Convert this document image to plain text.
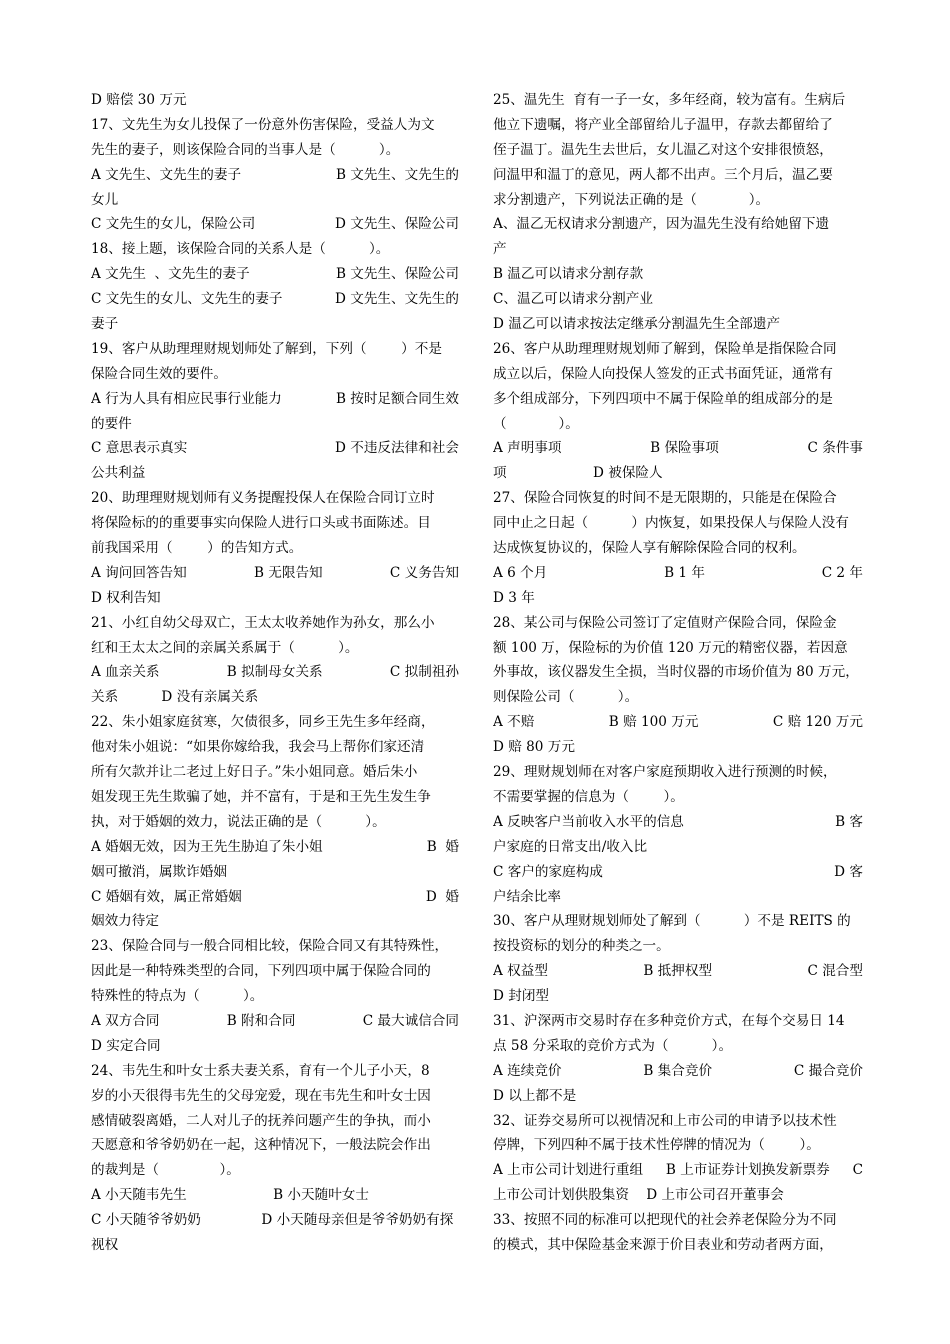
D 赔偿 30 万元
17、文先生为女儿投保了一份意外伤害保险，受益人为文
先生的妻子，则该保险合同的当事人是（          ）。
A 文先生、文先生的妻子	B 文先生、文先生的
女儿
C 文先生的女儿，保险公司	D 文先生、保险公司
18、接上题，该保险合同的关系人是（          ）。
A 文先生  、文先生的妻子	B 文先生、保险公司
C 文先生的女儿、文先生的妻子	D 文先生、文先生的
妻子
19、客户从助理理财规划师处了解到，下列（        ）不是
保险合同生效的要件。
A 行为人具有相应民事行业能力	B 按时足额合同生效
的要件
C 意思表示真实	D 不违反法律和社会
公共利益
20、助理理财规划师有义务提醒投保人在保险合同订立时
将保险标的的重要事实向保险人进行口头或书面陈述。目
前我国采用（        ）的告知方式。
A 询问回答告知	B 无限告知	C 义务告知
D 权利告知
21、小红自幼父母双亡，王太太收养她作为孙女，那么小
红和王太太之间的亲属关系属于（          ）。
A 血亲关系	B 拟制母女关系	C 拟制祖孙
关系          D 没有亲属关系
22、朱小姐家庭贫寒，欠债很多，同乡王先生多年经商，
他对朱小姐说：“如果你嫁给我，我会马上帮你们家还清
所有欠款并让二老过上好日子。”朱小姐同意。婚后朱小
姐发现王先生欺骗了她，并不富有，于是和王先生发生争
执，对于婚姻的效力，说法正确的是（          ）。
A 婚姻无效，因为王先生胁迫了朱小姐	B  婚
姻可撤消，属欺诈婚姻
C 婚姻有效，属正常婚姻	D  婚
姻效力待定
23、保险合同与一般合同相比较，保险合同又有其特殊性，
因此是一种特殊类型的合同，下列四项中属于保险合同的
特殊性的特点为（          ）。
A 双方合同	B 附和合同	C 最大诚信合同
D 实定合同
24、韦先生和叶女士系夫妻关系，育有一个儿子小天，8
岁的小天很得韦先生的父母宠爱，现在韦先生和叶女士因
感情破裂离婚，二人对儿子的抚养问题产生的争执，而小
天愿意和爷爷奶奶在一起，这种情况下，一般法院会作出
的裁判是（              ）。
A 小天随韦先生                    B 小天随叶女士
C 小天随爷爷奶奶              D 小天随母亲但是爷爷奶奶有探
视权
25、温先生  育有一子一女，多年经商，较为富有。生病后
他立下遗嘱，将产业全部留给儿子温甲，存款去都留给了
侄子温丁。温先生去世后，女儿温乙对这个安排很愤怒，
问温甲和温丁的意见，两人都不出声。三个月后，温乙要
求分割遗产，下列说法正确的是（            ）。
A、温乙无权请求分割遗产，因为温先生没有给她留下遗
产
B 温乙可以请求分割存款
C、温乙可以请求分割产业
D 温乙可以请求按法定继承分割温先生全部遗产
26、客户从助理理财规划师了解到，保险单是指保险合同
成立以后，保险人向投保人签发的正式书面凭证，通常有
多个组成部分，下列四项中不属于保险单的组成部分的是
（            ）。
A 声明事项	B 保险事项	C 条件事
项                    D 被保险人
27、保险合同恢复的时间不是无限期的，只能是在保险合
同中止之日起（          ）内恢复，如果投保人与保险人没有
达成恢复协议的，保险人享有解除保险合同的权利。
A 6 个月	B 1 年	C 2 年
D 3 年
28、某公司与保险公司签订了定值财产保险合同，保险金
额 100 万，保险标的为价值 120 万元的精密仪器，若因意
外事故，该仪器发生全损，当时仪器的市场价值为 80 万元，
则保险公司（          ）。
A 不赔	B 赔 100 万元	C 赔 120 万元
D 赔 80 万元
29、理财规划师在对客户家庭预期收入进行预测的时候，
不需要掌握的信息为（        ）。
A 反映客户当前收入水平的信息	B 客
户家庭的日常支出/收入比
C 客户的家庭构成	D 客
户结余比率
30、客户从理财规划师处了解到（          ）不是 REITS 的
按投资标的划分的种类之一。
A 权益型	B 抵押权型	C 混合型
D 封闭型
31、沪深两市交易时存在多种竞价方式，在每个交易日 14
点 58 分采取的竞价方式为（          ）。
A 连续竞价	B 集合竞价	C 撮合竞价
D 以上都不是
32、证券交易所可以视情况和上市公司的申请予以技术性
停牌，下列四种不属于技术性停牌的情况为（        ）。
A 上市公司计划进行重组 B 上市证券计划换发新票券 C
上市公司计划供股集资    D 上市公司召开董事会
33、按照不同的标准可以把现代的社会养老保险分为不同
的模式，其中保险基金来源于价目表业和劳动者两方面，
